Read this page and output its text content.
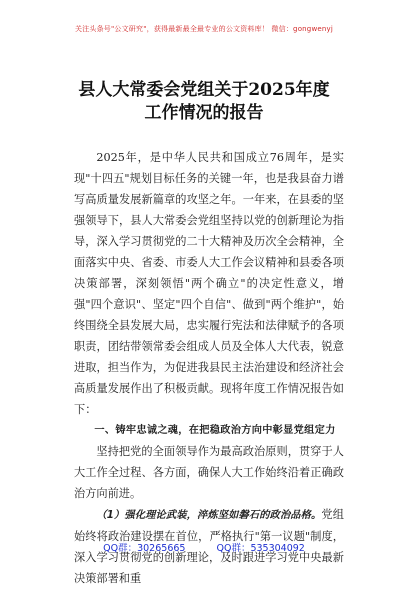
关注头条号"公文研究"，获得最新最全最专业的公文资料库！ 微信：gongwenyj
县人大常委会党组关于2025年度工作情况的报告

2025年，是中华人民共和国成立76周年，是实现"十四五"规划目标任务的关键一年，也是我县奋力谱写高质量发展新篇章的攻坚之年。一年来，在县委的坚强领导下，县人大常委会党组坚持以党的创新理论为指导，深入学习贯彻党的二十大精神及历次全会精神，全面落实中央、省委、市委人大工作会议精神和县委各项决策部署，深刻领悟"两个确立"的决定性意义，增强"四个意识"、坚定"四个自信"、做到"两个维护"，始终围绕全县发展大局，忠实履行宪法和法律赋予的各项职责，团结带领常委会组成人员及全体人大代表，锐意进取，担当作为，为促进我县民主法治建设和经济社会高质量发展作出了积极贡献。现将年度工作情况报告如下：

一、铸牢忠诚之魂，在把稳政治方向中彰显党组定力

坚持把党的全面领导作为最高政治原则，贯穿于人大工作全过程、各方面，确保人大工作始终沿着正确政治方向前进。

（1）强化理论武装，淬炼坚如磐石的政治品格。党组始终将政治建设摆在首位，严格执行"第一议题"制度，深入学习贯彻党的创新理论，及时跟进学习党中央最新决策部署和重

QQ群：30265665	QQ群：535304092
